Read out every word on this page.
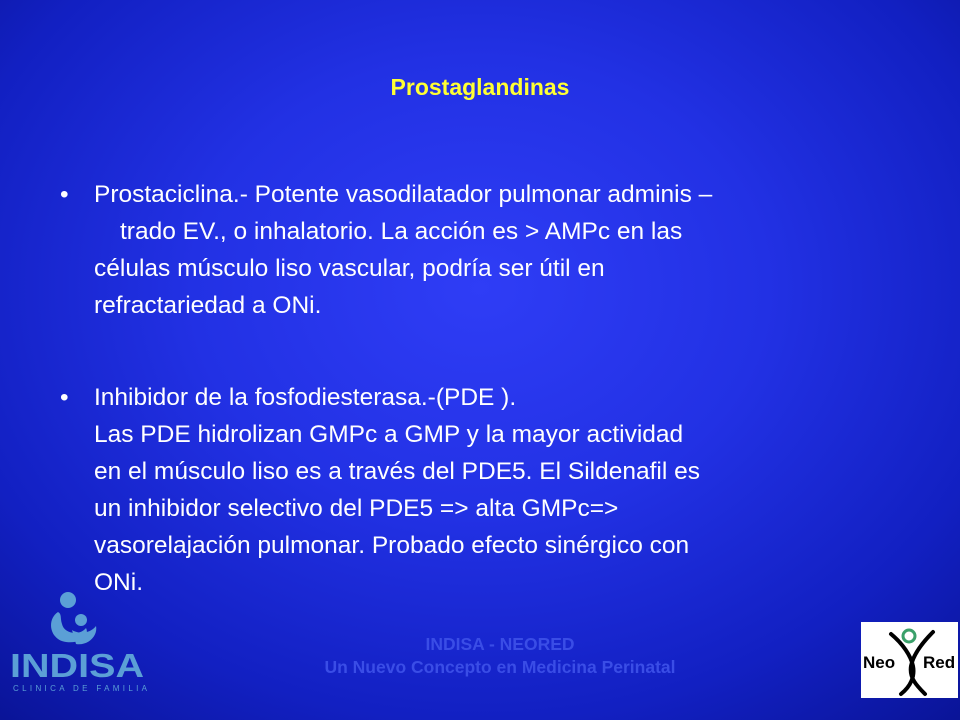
Prostaglandinas
• Prostaciclina.- Potente vasodilatador pulmonar adminis –
trado EV., o inhalatorio. La acción es > AMPc en las
células músculo liso vascular, podría ser útil en
refractariedad a ONi.
• Inhibidor de la fosfodiesterasa.-(PDE ).
Las PDE hidrolizan GMPc a GMP y la mayor actividad
en el músculo liso es a través del PDE5. El Sildenafil es
un inhibidor selectivo del PDE5 => alta GMPc=>
vasorelajación pulmonar. Probado efecto sinérgico con
ONi.
INDISA
CLINICA DE FAMILIA
INDISA - NEORED
Un Nuevo Concepto en Medicina Perinatal	Neo Red
